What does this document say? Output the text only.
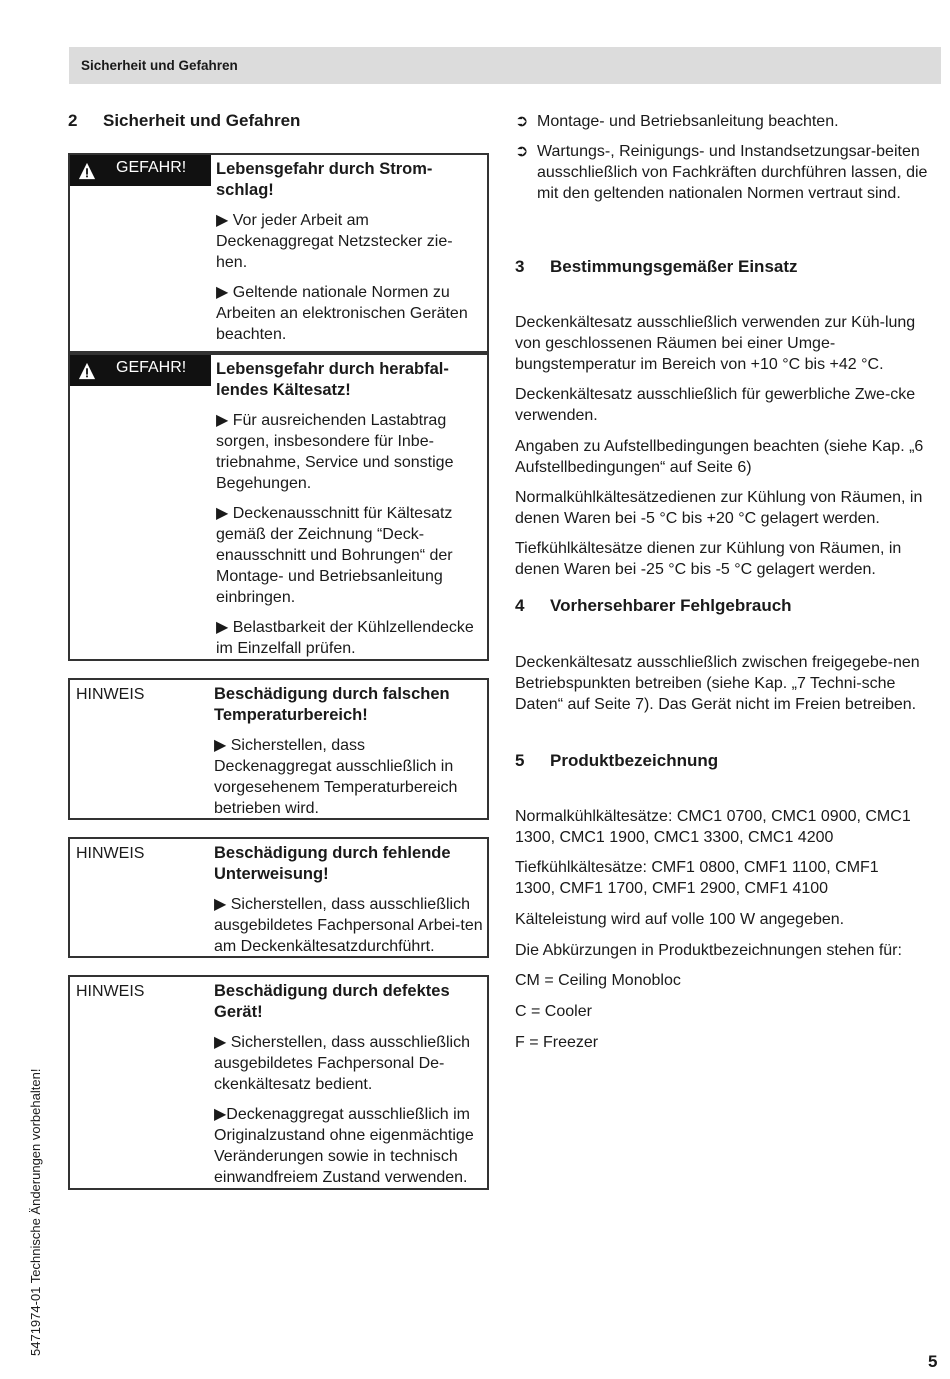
Sicherheit und Gefahren
2 Sicherheit und Gefahren
GEFAHR! Lebensgefahr durch Strom-schlag!

▶ Vor jeder Arbeit am Deckenaggregat Netzstecker zie-hen.

▶ Geltende nationale Normen zu Arbeiten an elektronischen Geräten beachten.

GEFAHR! Lebensgefahr durch herabfal-lendes Kältesatz!

▶ Für ausreichenden Lastabtrag sorgen, insbesondere für Inbe-triebnahme, Service und sonstige Begehungen.

▶ Deckenausschnitt für Kältesatz gemäß der Zeichnung “Deck-enausschnitt und Bohrungen“ der Montage- und Betriebsanleitung einbringen.

▶ Belastbarkeit der Kühlzellendecke im Einzelfall prüfen.

HINWEIS	Beschädigung durch falschen Temperaturbereich!

▶ Sicherstellen, dass Deckenaggregat ausschließlich in vorgesehenem Temperaturbereich betrieben wird.

HINWEIS	Beschädigung durch fehlende Unterweisung!

▶ Sicherstellen, dass ausschließlich ausgebildetes Fachpersonal Arbei-ten am Deckenkältesatzdurchführt.

HINWEIS	Beschädigung durch defektes Gerät!

▶ Sicherstellen, dass ausschließlich ausgebildetes Fachpersonal De-ckenkältesatz bedient.

▶Deckenaggregat ausschließlich im Originalzustand ohne eigenmächtige Veränderungen sowie in technisch einwandfreiem Zustand verwenden.

➲ Montage- und Betriebsanleitung beachten.
➲ Wartungs-, Reinigungs- und Instandsetzungsar-beiten ausschließlich von Fachkräften durchführen lassen, die mit den geltenden nationalen Normen vertraut sind.
3 Bestimmungsgemäßer Einsatz

Deckenkältesatz ausschließlich verwenden zur Küh-lung von geschlossenen Räumen bei einer Umge-bungstemperatur im Bereich von +10 °C bis +42 °C.

Deckenkältesatz ausschließlich für gewerbliche Zwe-cke verwenden.

Angaben zu Aufstellbedingungen beachten (siehe Kap. „6 Aufstellbedingungen“ auf Seite 6)

Normalkühlkältesätzedienen zur Kühlung von Räumen, in denen Waren bei -5 °C bis +20 °C gelagert werden.

Tiefkühlkältesätze dienen zur Kühlung von Räumen, in denen Waren bei -25 °C bis -5 °C gelagert werden.

4 Vorhersehbarer Fehlgebrauch

Deckenkältesatz ausschließlich zwischen freigegebe-nen Betriebspunkten betreiben (siehe Kap. „7 Techni-sche Daten“ auf Seite 7). Das Gerät nicht im Freien betreiben.

5 Produktbezeichnung

Normalkühlkältesätze: CMC1 0700, CMC1 0900, CMC1 1300, CMC1 1900, CMC1 3300, CMC1 4200

Tiefkühlkältesätze: CMF1 0800, CMF1 1100, CMF1 1300, CMF1 1700, CMF1 2900, CMF1 4100

Kälteleistung wird auf volle 100 W angegeben.

Die Abkürzungen in Produktbezeichnungen stehen für:

CM = Ceiling Monobloc

C = Cooler

F = Freezer

5471974-01 Technische Änderungen vorbehalten!
5
